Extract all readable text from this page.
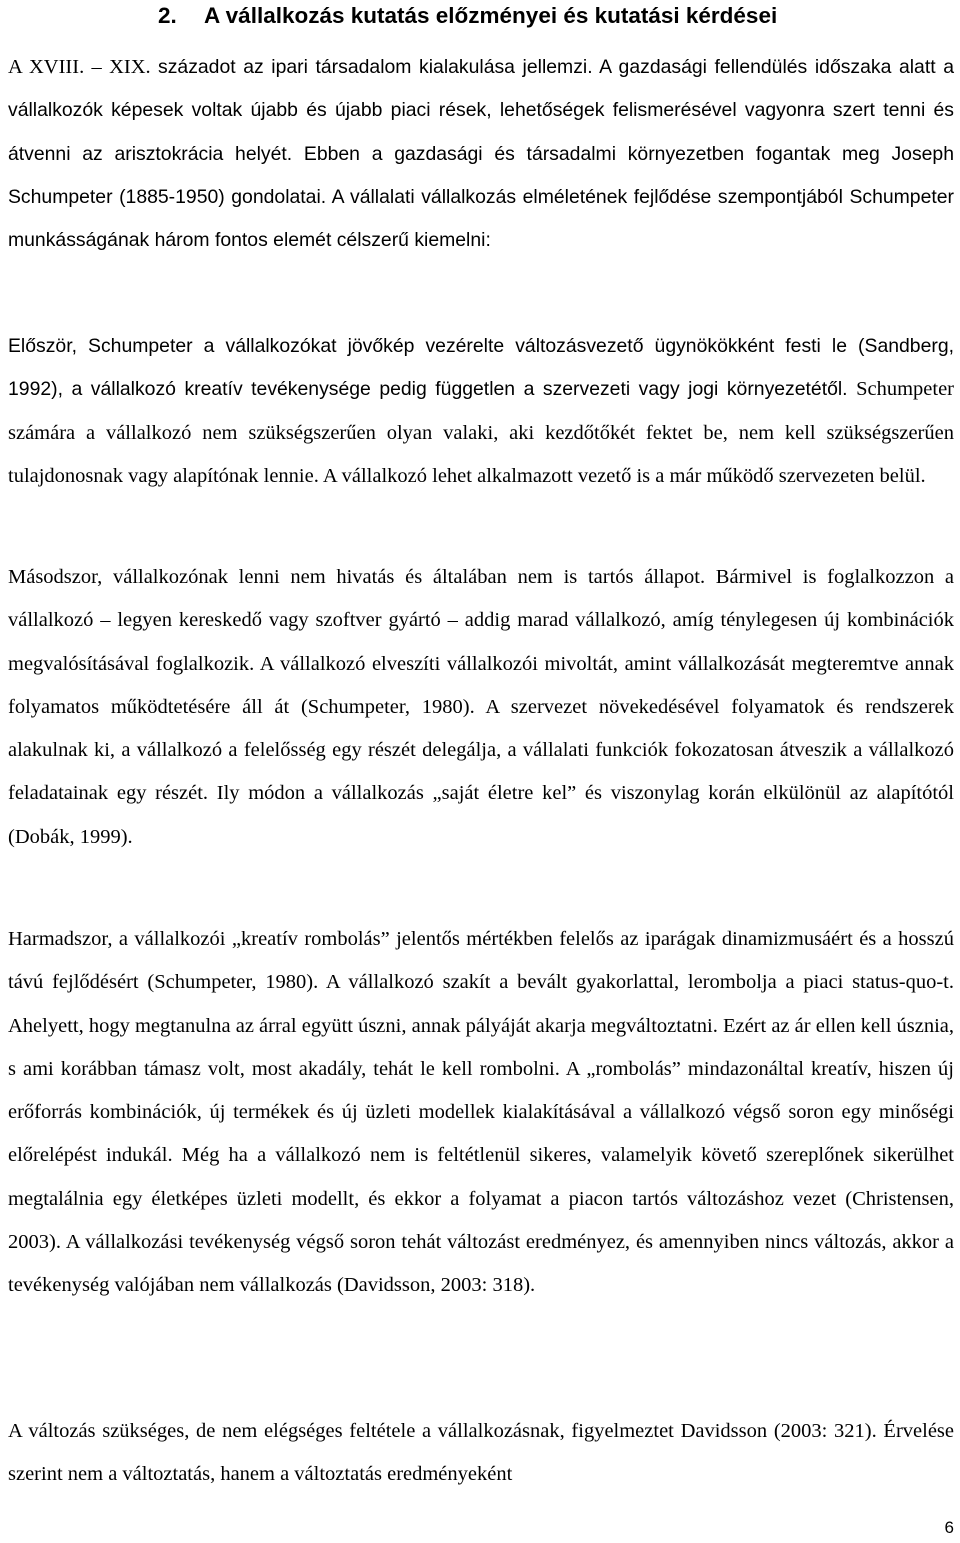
2. A vállalkozás kutatás előzményei és kutatási kérdései

A XVIII. – XIX. századot az ipari társadalom kialakulása jellemzi. A gazdasági fellendülés időszaka alatt a vállalkozók képesek voltak újabb és újabb piaci rések, lehetőségek felismerésével vagyonra szert tenni és átvenni az arisztokrácia helyét. Ebben a gazdasági és társadalmi környezetben fogantak meg Joseph Schumpeter (1885-1950) gondolatai. A vállalati vállalkozás elméletének fejlődése szempontjából Schumpeter munkásságának három fontos elemét célszerű kiemelni:

Először, Schumpeter a vállalkozókat jövőkép vezérelte változásvezető ügynökökként festi le (Sandberg, 1992), a vállalkozó kreatív tevékenysége pedig független a szervezeti vagy jogi környezetétől. Schumpeter számára a vállalkozó nem szükségszerűen olyan valaki, aki kezdőtőkét fektet be, nem kell szükségszerűen tulajdonosnak vagy alapítónak lennie. A vállalkozó lehet alkalmazott vezető is a már működő szervezeten belül.

Másodszor, vállalkozónak lenni nem hivatás és általában nem is tartós állapot. Bármivel is foglalkozzon a vállalkozó – legyen kereskedő vagy szoftver gyártó – addig marad vállalkozó, amíg ténylegesen új kombinációk megvalósításával foglalkozik. A vállalkozó elveszíti vállalkozói mivoltát, amint vállalkozását megteremtve annak folyamatos működtetésére áll át (Schumpeter, 1980). A szervezet növekedésével folyamatok és rendszerek alakulnak ki, a vállalkozó a felelősség egy részét delegálja, a vállalati funkciók fokozatosan átveszik a vállalkozó feladatainak egy részét. Ily módon a vállalkozás „saját életre kel” és viszonylag korán elkülönül az alapítótól (Dobák, 1999).

Harmadszor, a vállalkozói „kreatív rombolás” jelentős mértékben felelős az iparágak dinamizmusáért és a hosszú távú fejlődésért (Schumpeter, 1980). A vállalkozó szakít a bevált gyakorlattal, lerombolja a piaci status-quo-t. Ahelyett, hogy megtanulna az árral együtt úszni, annak pályáját akarja megváltoztatni. Ezért az ár ellen kell úsznia, s ami korábban támasz volt, most akadály, tehát le kell rombolni. A „rombolás” mindazonáltal kreatív, hiszen új erőforrás kombinációk, új termékek és új üzleti modellek kialakításával a vállalkozó végső soron egy minőségi előrelépést indukál. Még ha a vállalkozó nem is feltétlenül sikeres, valamelyik követő szereplőnek sikerülhet megtalálnia egy életképes üzleti modellt, és ekkor a folyamat a piacon tartós változáshoz vezet (Christensen, 2003). A vállalkozási tevékenység végső soron tehát változást eredményez, és amennyiben nincs változás, akkor a tevékenység valójában nem vállalkozás (Davidsson, 2003: 318).

A változás szükséges, de nem elégséges feltétele a vállalkozásnak, figyelmeztet Davidsson (2003: 321). Érvelése szerint nem a változtatás, hanem a változtatás eredményeként

6
